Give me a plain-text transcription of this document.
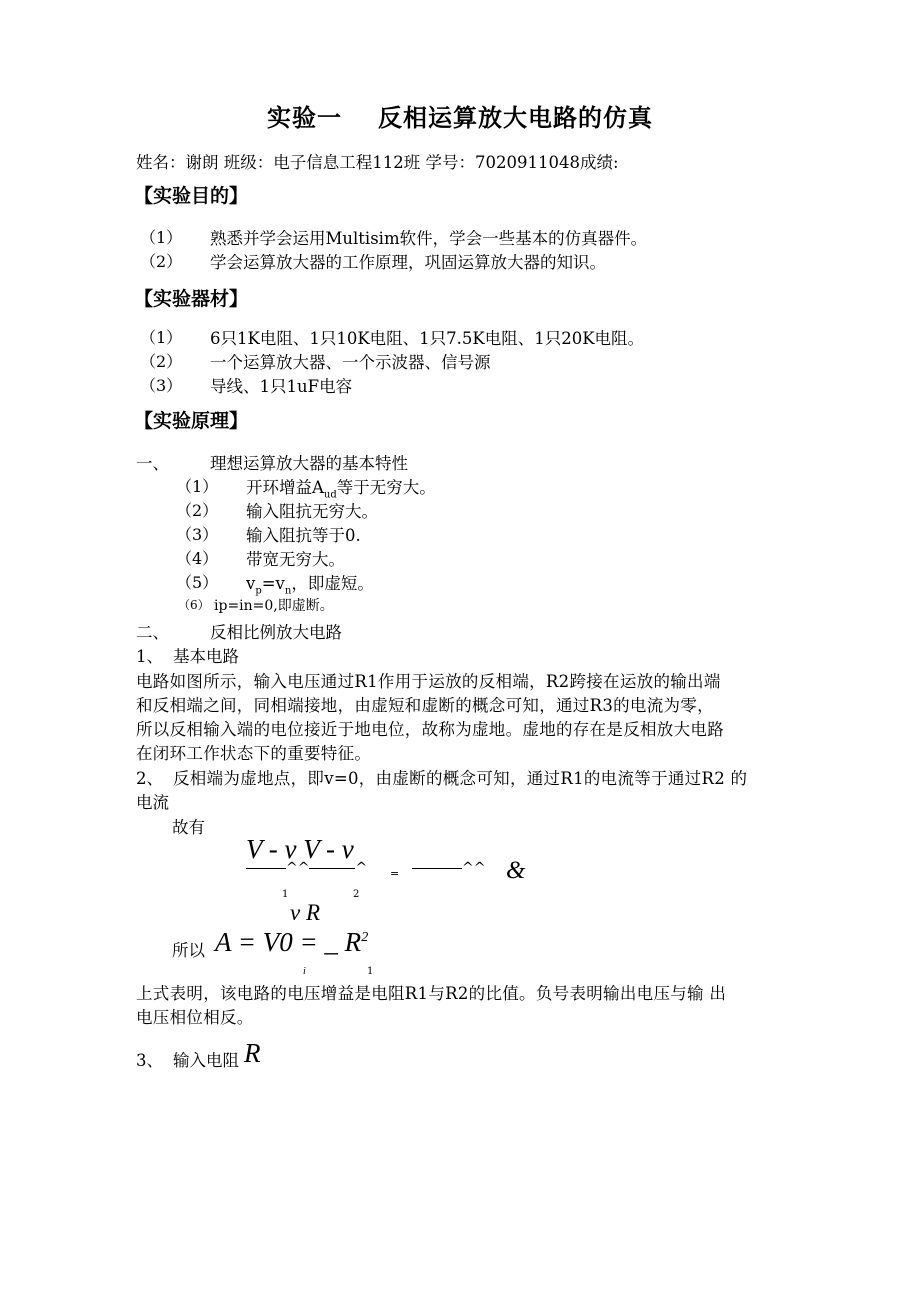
实验一 反相运算放大电路的仿真
姓名：谢朗 班级：电子信息工程112班 学号：7020911048成绩:
【实验目的】
（1） 熟悉并学会运用Multisim软件，学会一些基本的仿真器件。
（2） 学会运算放大器的工作原理，巩固运算放大器的知识。
【实验器材】
（1） 6只1K电阻、1只10K电阻、1只7.5K电阻、1只20K电阻。
（2） 一个运算放大器、一个示波器、信号源
（3） 导线、1只1uF电容
【实验原理】
一、 理想运算放大器的基本特性
（1） 开环增益$A_{ud}$等于无穷大。
（2） 输入阻抗无穷大。
（3） 输入阻抗等于0.
（4） 带宽无穷大。
（5） $v_p=v_n$，即虚短。
（6） ip=in=0,即虚断。
二、 反相比例放大电路
1、 基本电路
电路如图所示，输入电压通过R1作用于运放的反相端，R2跨接在运放的输出端
和反相端之间，同相端接地，由虚短和虚断的概念可知，通过R3的电流为零，
所以反相输入端的电位接近于地电位，故称为虚地。虚地的存在是反相放大电路
在闭环工作状态下的重要特征。
2、 反相端为虚地点，即v=0，由虚断的概念可知，通过R1的电流等于通过R2 的
电流
故有
V - v V - v
^^	^ =	^^ &
1	2
v R
所以 A = V0 = _ $R^2$
i	1
上式表明，该电路的电压增益是电阻R1与R2的比值。负号表明输出电压与输 出
电压相位相反。
3、 输入电阻 R
